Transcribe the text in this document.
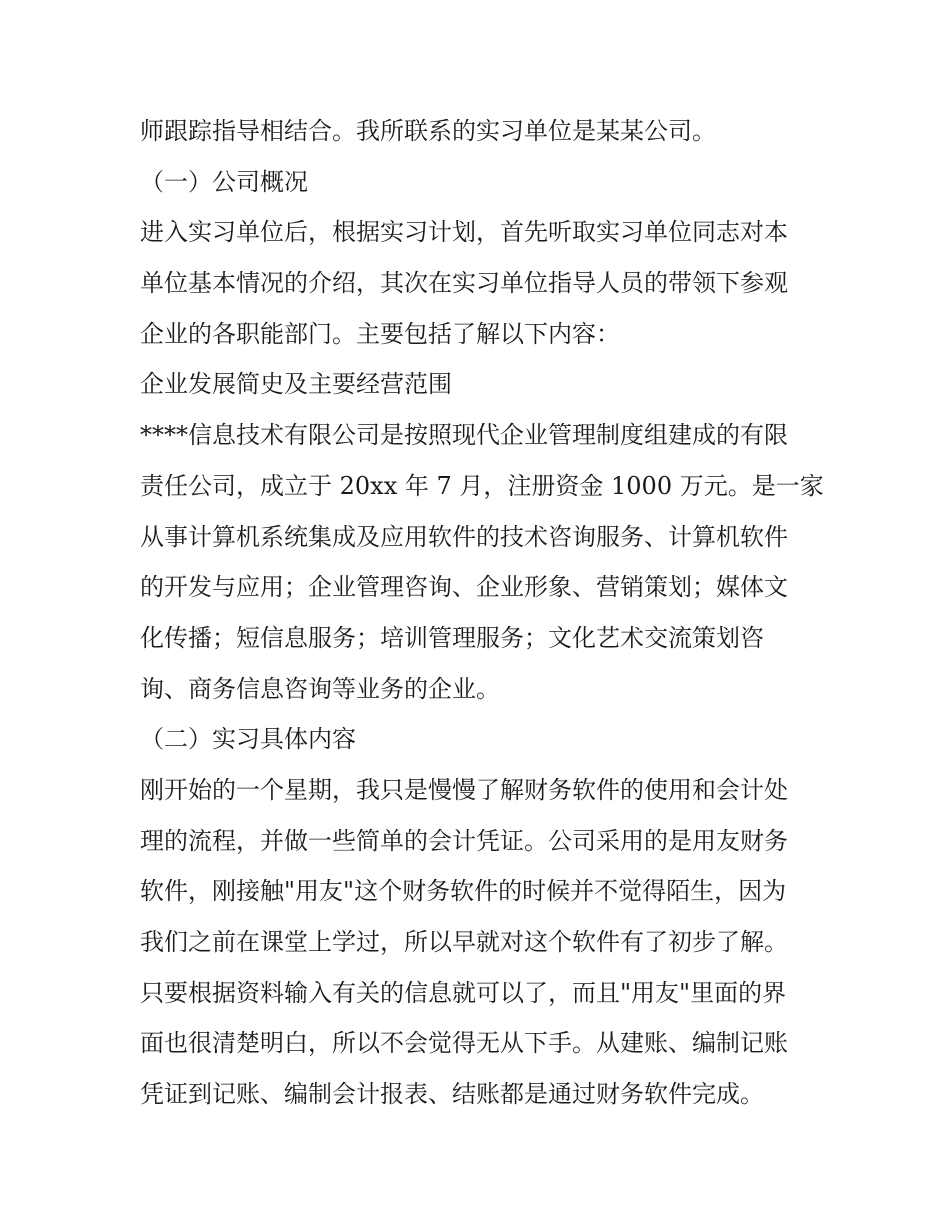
师跟踪指导相结合。我所联系的实习单位是某某公司。

（一）公司概况

进入实习单位后，根据实习计划，首先听取实习单位同志对本

单位基本情况的介绍，其次在实习单位指导人员的带领下参观

企业的各职能部门。主要包括了解以下内容：

企业发展简史及主要经营范围

****信息技术有限公司是按照现代企业管理制度组建成的有限

责任公司，成立于 20xx 年 7 月，注册资金 1000 万元。是一家

从事计算机系统集成及应用软件的技术咨询服务、计算机软件

的开发与应用；企业管理咨询、企业形象、营销策划；媒体文

化传播；短信息服务；培训管理服务；文化艺术交流策划咨

询、商务信息咨询等业务的企业。

（二）实习具体内容

刚开始的一个星期，我只是慢慢了解财务软件的使用和会计处

理的流程，并做一些简单的会计凭证。公司采用的是用友财务

软件，刚接触"用友"这个财务软件的时候并不觉得陌生，因为

我们之前在课堂上学过，所以早就对这个软件有了初步了解。

只要根据资料输入有关的信息就可以了，而且"用友"里面的界

面也很清楚明白，所以不会觉得无从下手。从建账、编制记账

凭证到记账、编制会计报表、结账都是通过财务软件完成。
